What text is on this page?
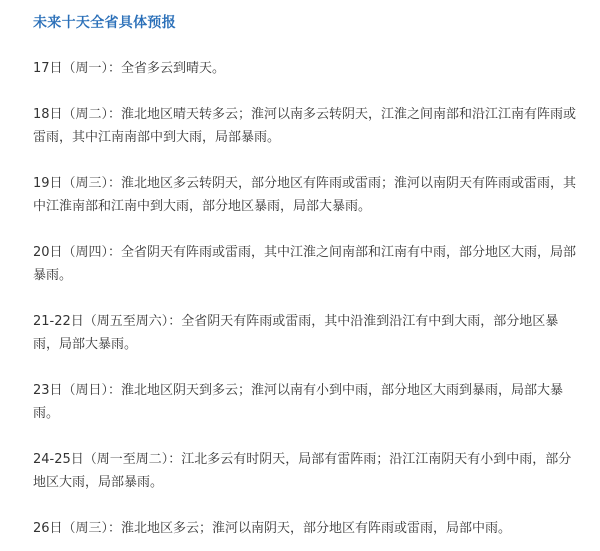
未来十天全省具体预报

17日（周一）：全省多云到晴天。

18日（周二）：淮北地区晴天转多云；淮河以南多云转阴天，江淮之间南部和沿江江南有阵雨或雷雨，其中江南南部中到大雨，局部暴雨。

19日（周三）：淮北地区多云转阴天，部分地区有阵雨或雷雨；淮河以南阴天有阵雨或雷雨，其中江淮南部和江南中到大雨，部分地区暴雨，局部大暴雨。

20日（周四）：全省阴天有阵雨或雷雨，其中江淮之间南部和江南有中雨，部分地区大雨，局部暴雨。

21-22日（周五至周六）：全省阴天有阵雨或雷雨，其中沿淮到沿江有中到大雨，部分地区暴雨，局部大暴雨。

23日（周日）：淮北地区阴天到多云；淮河以南有小到中雨，部分地区大雨到暴雨，局部大暴雨。

24-25日（周一至周二）：江北多云有时阴天，局部有雷阵雨；沿江江南阴天有小到中雨，部分地区大雨，局部暴雨。

26日（周三）：淮北地区多云；淮河以南阴天，部分地区有阵雨或雷雨，局部中雨。
